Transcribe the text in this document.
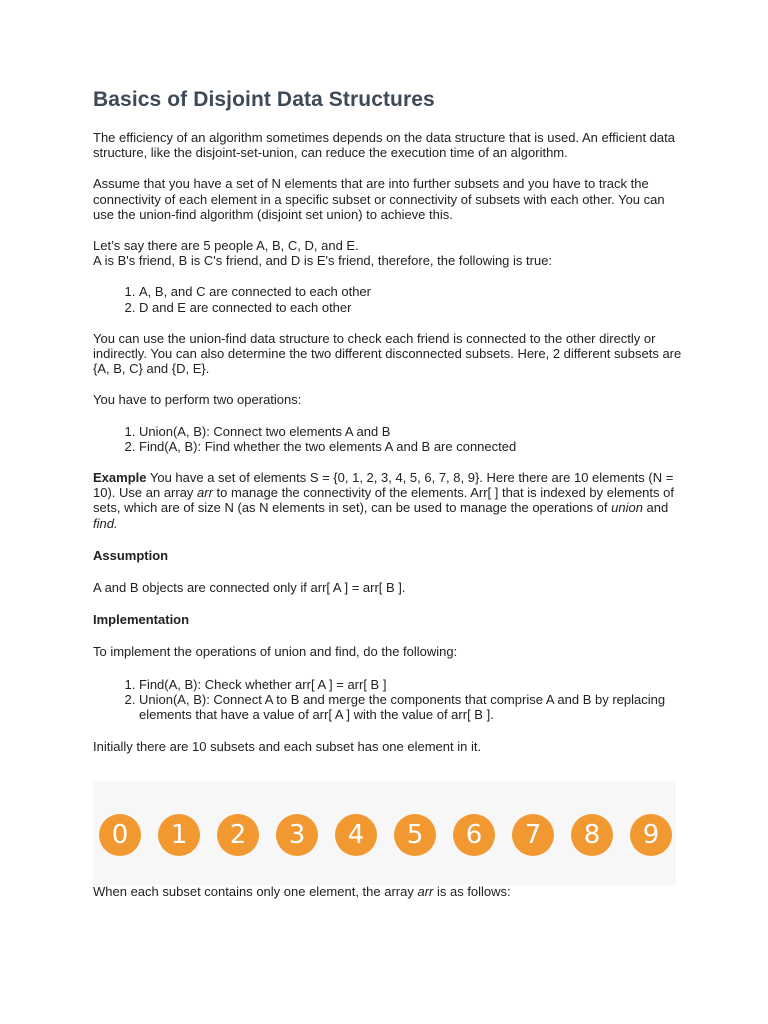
Basics of Disjoint Data Structures

The efficiency of an algorithm sometimes depends on the data structure that is used. An efficient data structure, like the disjoint-set-union, can reduce the execution time of an algorithm.

Assume that you have a set of N elements that are into further subsets and you have to track the connectivity of each element in a specific subset or connectivity of subsets with each other. You can use the union-find algorithm (disjoint set union) to achieve this.

Let’s say there are 5 people A, B, C, D, and E.
A is B's friend, B is C's friend, and D is E's friend, therefore, the following is true:

1. A, B, and C are connected to each other
2. D and E are connected to each other

You can use the union-find data structure to check each friend is connected to the other directly or indirectly. You can also determine the two different disconnected subsets. Here, 2 different subsets are {A, B, C} and {D, E}.

You have to perform two operations:

1. Union(A, B): Connect two elements A and B
2. Find(A, B): Find whether the two elements A and B are connected

Example You have a set of elements S = {0, 1, 2, 3, 4, 5, 6, 7, 8, 9}. Here there are 10 elements (N = 10). Use an array arr to manage the connectivity of the elements. Arr[ ] that is indexed by elements of sets, which are of size N (as N elements in set), can be used to manage the operations of union and find.

Assumption

A and B objects are connected only if arr[ A ] = arr[ B ].

Implementation

To implement the operations of union and find, do the following:

1. Find(A, B): Check whether arr[ A ] = arr[ B ]
2. Union(A, B): Connect A to B and merge the components that comprise A and B by replacing elements that have a value of arr[ A ] with the value of arr[ B ].

Initially there are 10 subsets and each subset has one element in it.

0	1	2	3	4	5	6	7	8	9

When each subset contains only one element, the array arr is as follows:
